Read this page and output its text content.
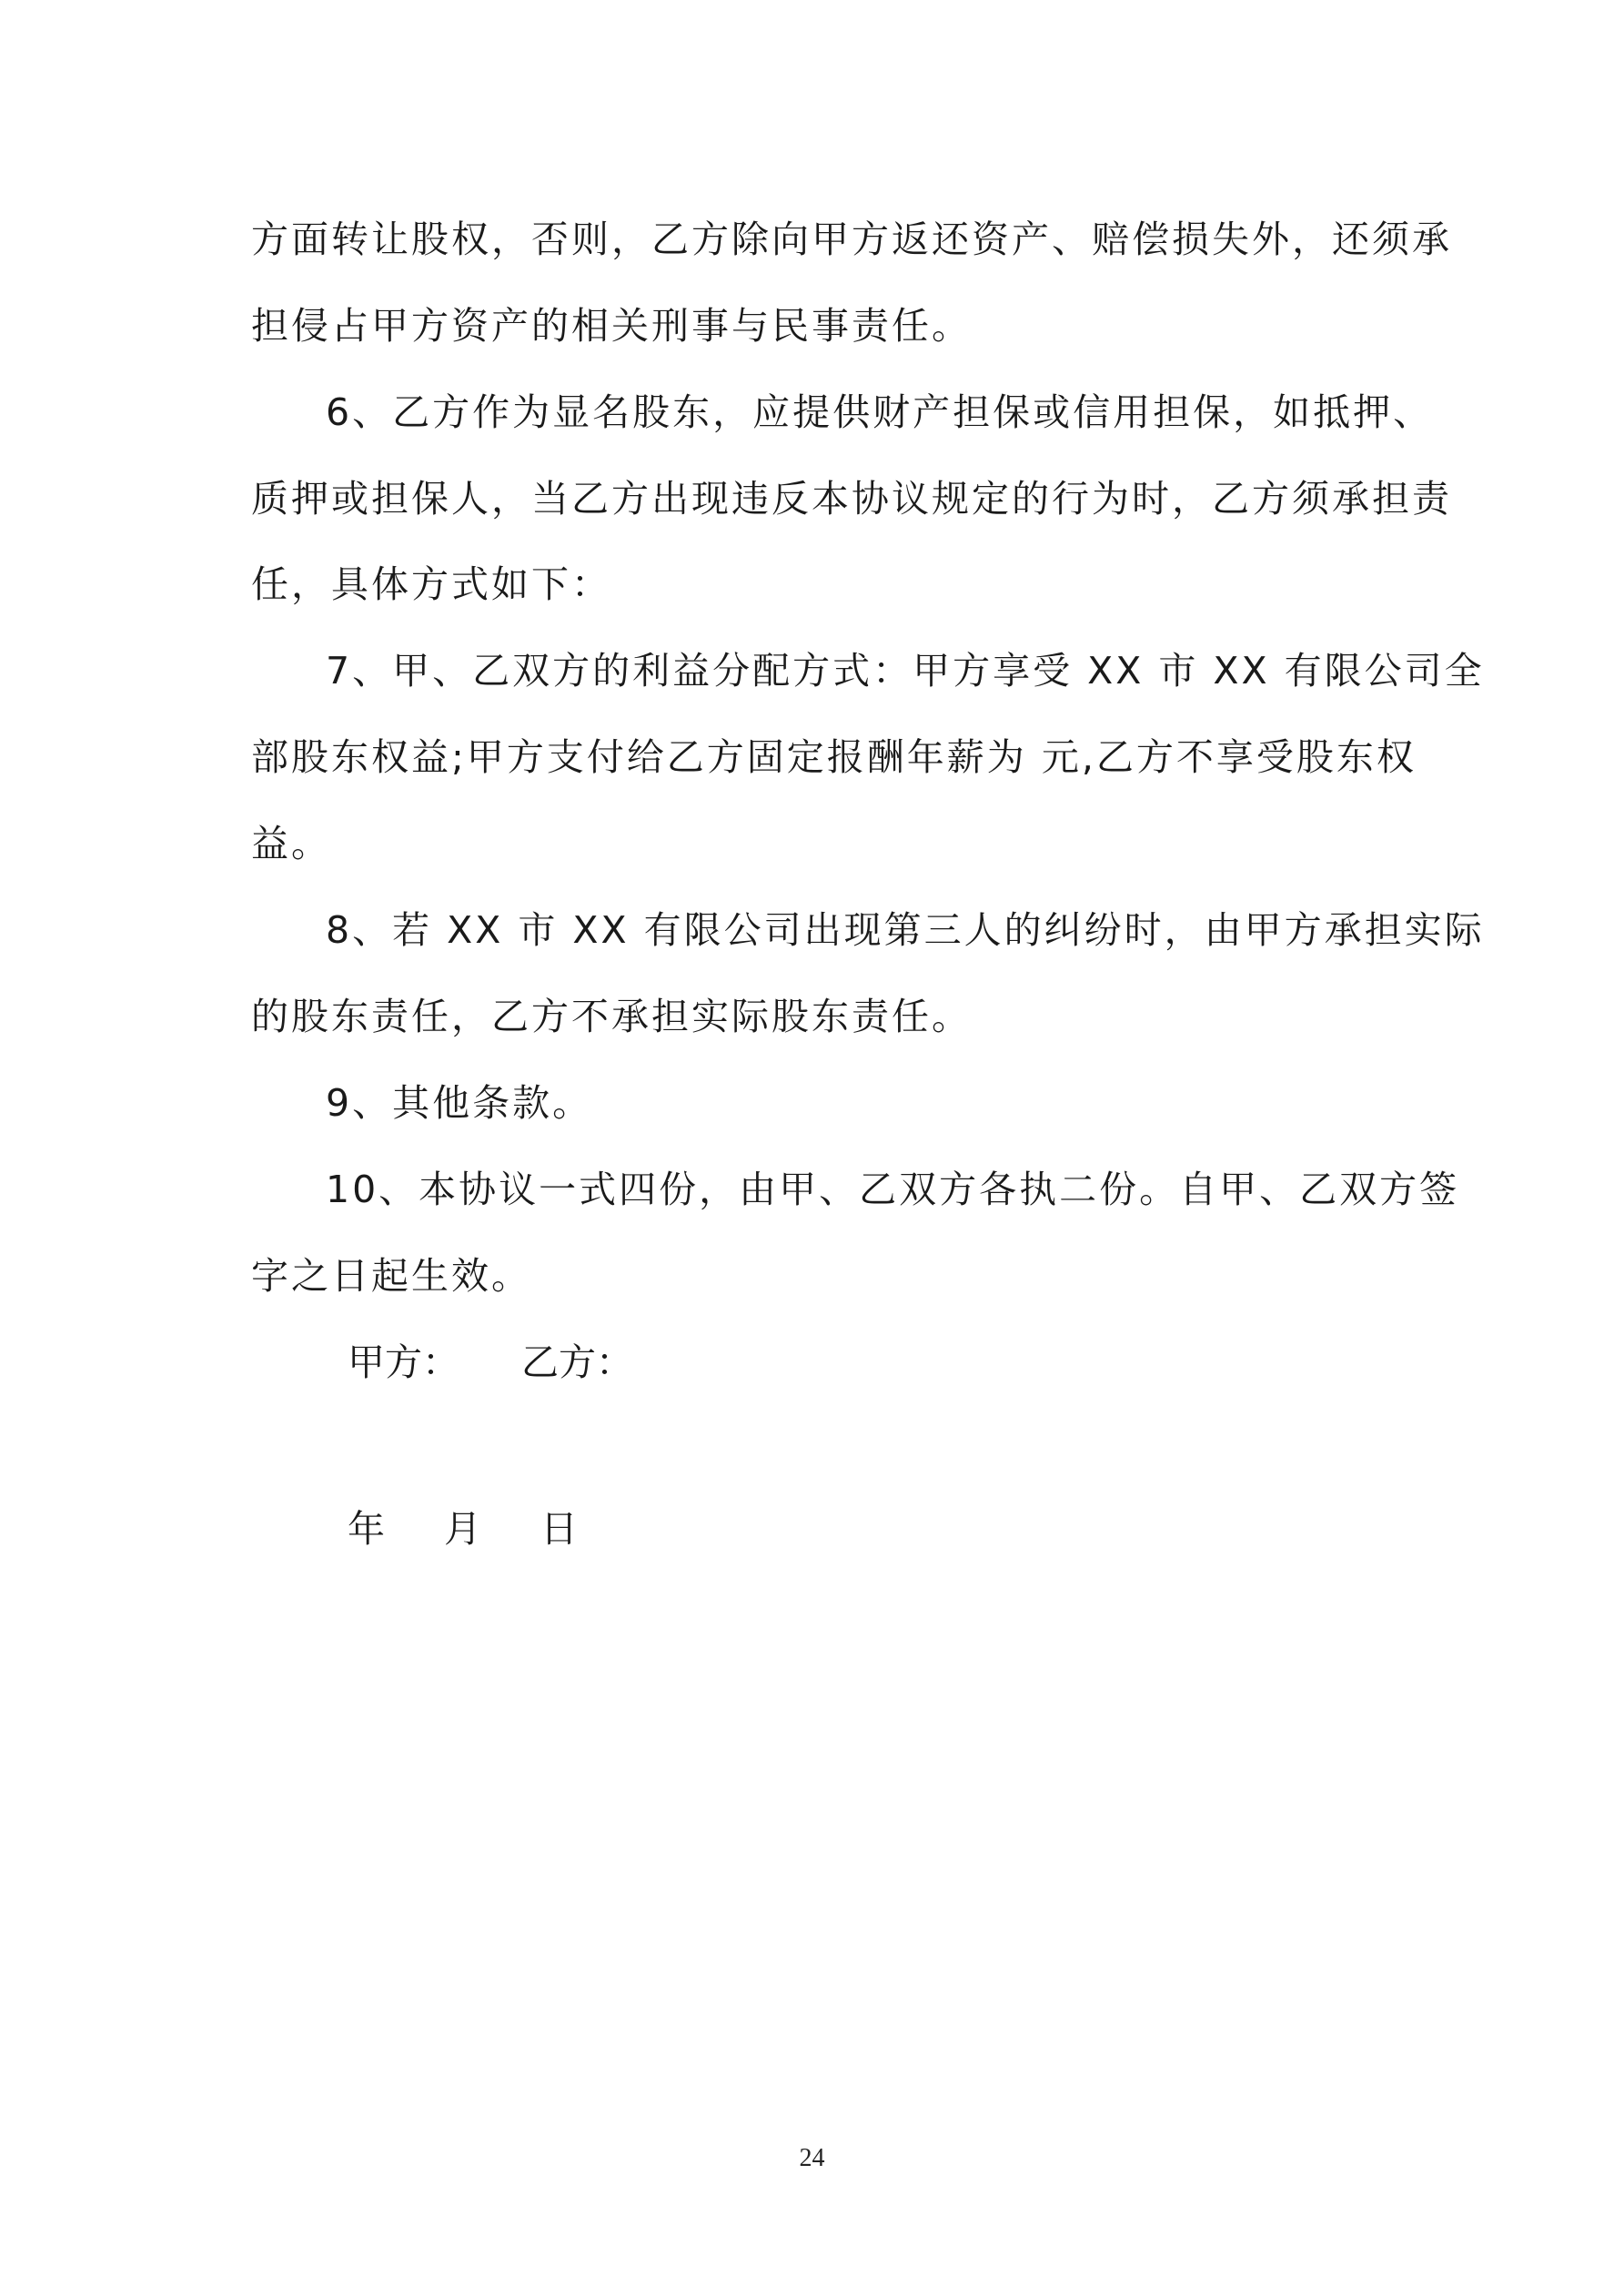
方面转让股权，否则，乙方除向甲方返还资产、赔偿损失外，还须承

担侵占甲方资产的相关刑事与民事责任。

6、乙方作为显名股东，应提供财产担保或信用担保，如抵押、

质押或担保人，当乙方出现违反本协议规定的行为时，乙方须承担责

任，具体方式如下：

7、甲、乙双方的利益分配方式：甲方享受 XX 市 XX 有限公司全

部股东权益;甲方支付给乙方固定报酬年薪为 元,乙方不享受股东权

益。

8、若 XX 市 XX 有限公司出现第三人的纠纷时，由甲方承担实际

的股东责任，乙方不承担实际股东责任。

9、其他条款。

10、本协议一式四份，由甲、乙双方各执二份。自甲、乙双方签

字之日起生效。

甲方： 乙方：
年 月 日
24
